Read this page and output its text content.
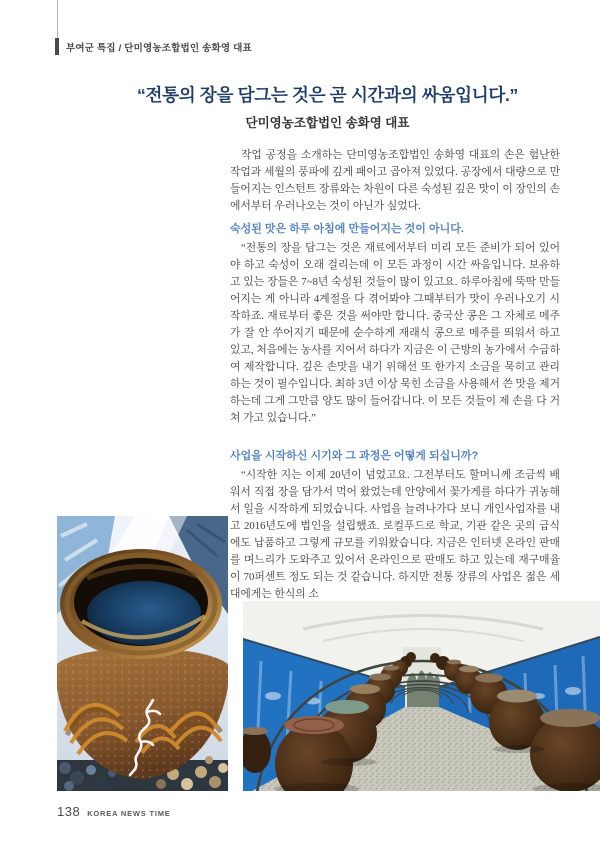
부여군 특집 / 단미영농조합법인 송화영 대표
“전통의 장을 담그는 것은 곧 시간과의 싸움입니다.”
단미영농조합법인 송화영 대표

작업 공정을 소개하는 단미영농조합법인 송화영 대표의 손은 험난한 작업과 세월의 풍파에 깊게 패이고 곱아져 있었다. 공장에서 대량으로 만들어지는 인스턴트 장류와는 차원이 다른 숙성된 깊은 맛이 이 장인의 손에서부터 우러나오는 것이 아닌가 싶었다.

숙성된 맛은 하루 아침에 만들어지는 것이 아니다.

“전통의 장을 담그는 것은 재료에서부터 미리 모든 준비가 되어 있어야 하고 숙성이 오래 걸리는데 이 모든 과정이 시간 싸움입니다. 보유하고 있는 장들은 7~8년 숙성된 것들이 많이 있고요. 하루아침에 뚝딱 만들어지는 게 아니라 4계절을 다 겪어봐야 그때부터가 맛이 우러나오기 시작하죠. 재료부터 좋은 것을 써야만 합니다. 중국산 콩은 그 자체로 메주가 잘 안 쑤어지기 때문에 순수하게 재래식 콩으로 메주를 띄워서 하고 있고, 처음에는 농사를 지어서 하다가 지금은 이 근방의 농가에서 수급하여 제작합니다. 깊은 손맛을 내기 위해선 또 한가지 소금을 묵히고 관리하는 것이 필수입니다. 최하 3년 이상 묵힌 소금을 사용해서 쓴 맛을 제거하는데 그게 그만큼 양도 많이 들어갑니다. 이 모든 것들이 제 손을 다 거쳐 가고 있습니다.”

사업을 시작하신 시기와 그 과정은 어떻게 되십니까?

“시작한 지는 이제 20년이 넘었고요. 그전부터도 할머니께 조금씩 배워서 직접 장을 담가서 먹어 왔었는데 안양에서 꽃가게를 하다가 귀농해서 일을 시작하게 되었습니다. 사업을 늘려나가다 보니 개인사업자를 내고 2016년도에 법인을 설립했죠. 로컬푸드로 학교, 기관 같은 곳의 급식에도 납품하고 그렇게 규모를 키워왔습니다. 지금은 인터넷 온라인 판매를 며느리가 도와주고 있어서 온라인으로 판매도 하고 있는데 재구매율이 70퍼센트 정도 되는 것 같습니다. 하지만 전통 장류의 사업은 젊은 세대에게는 한식의 소

138 KOREA NEWS TIME
